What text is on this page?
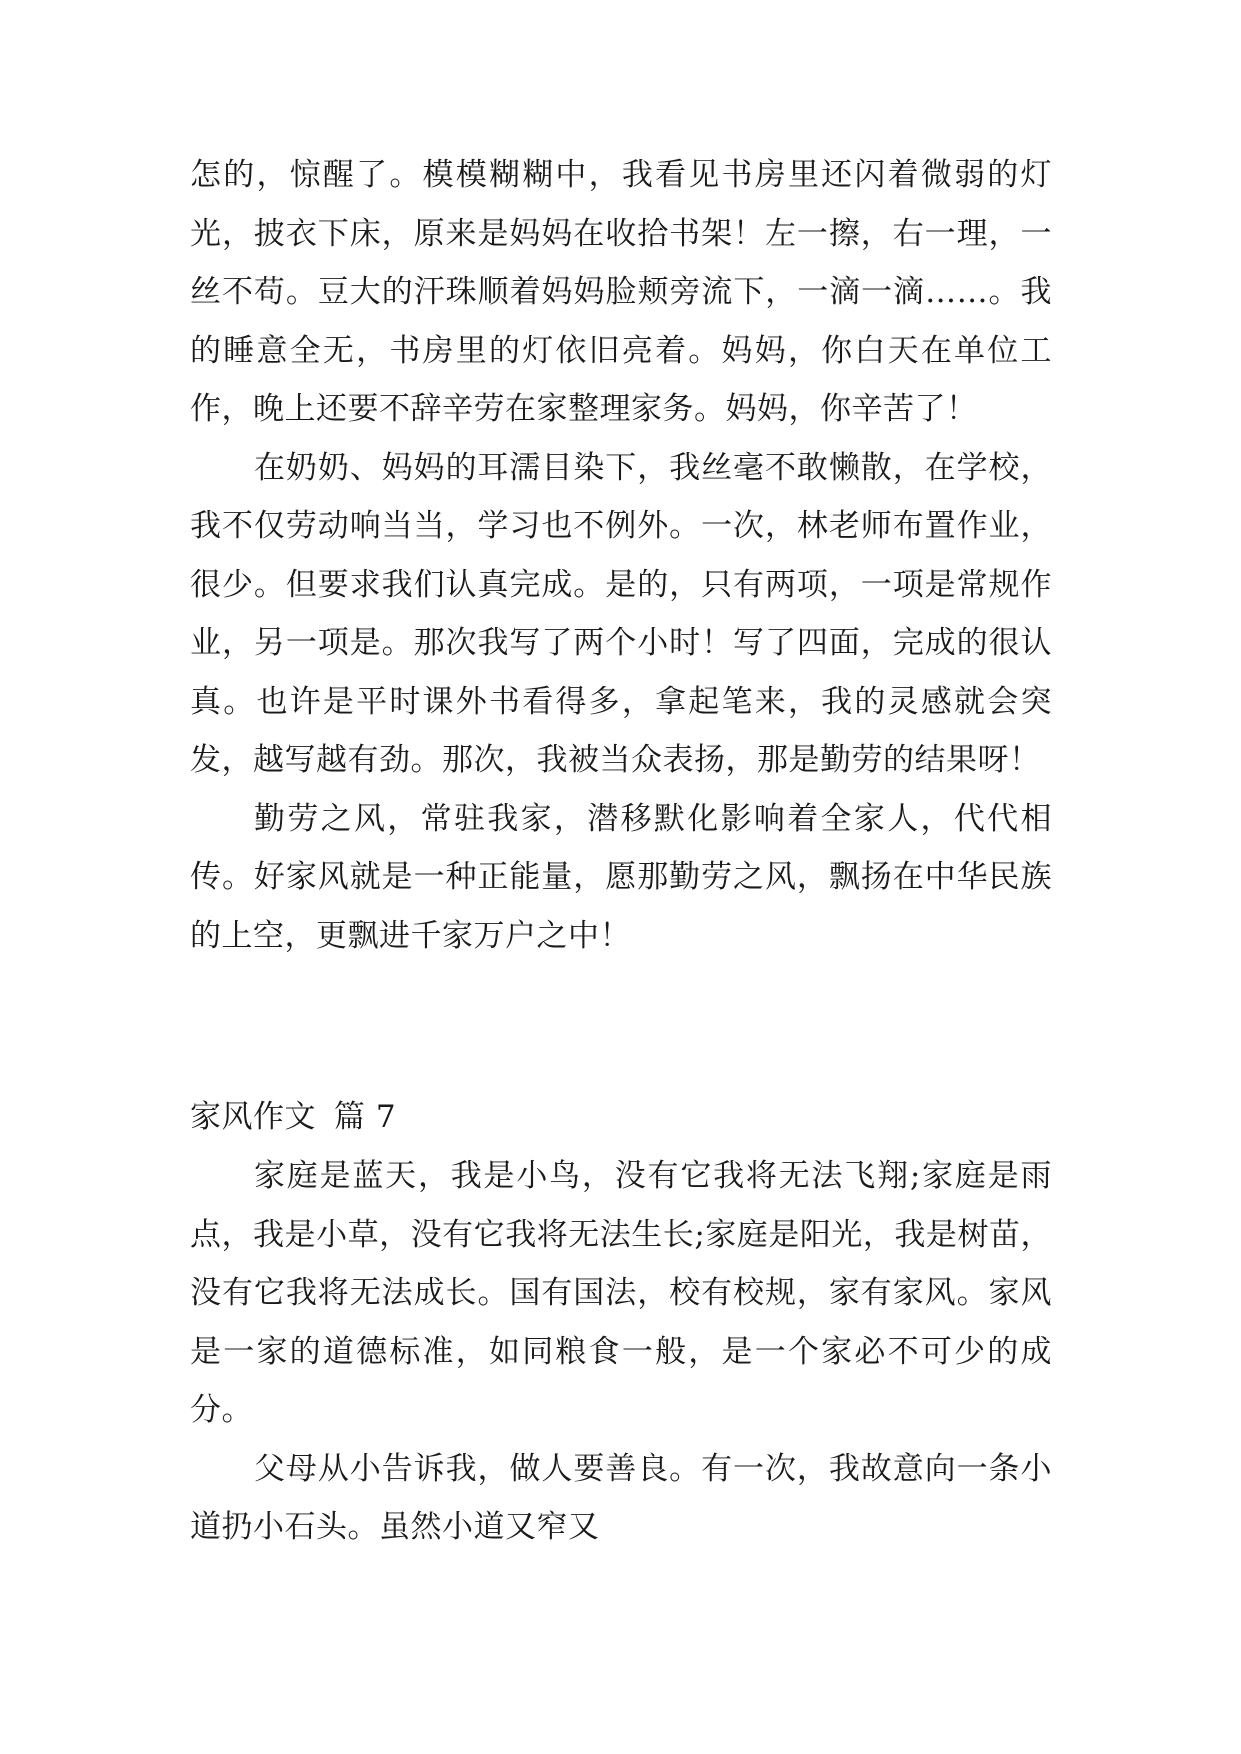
怎的，惊醒了。模模糊糊中，我看见书房里还闪着微弱的灯光，披衣下床，原来是妈妈在收拾书架！左一擦，右一理，一丝不苟。豆大的汗珠顺着妈妈脸颊旁流下，一滴一滴……。我的睡意全无，书房里的灯依旧亮着。妈妈，你白天在单位工作，晚上还要不辞辛劳在家整理家务。妈妈，你辛苦了！

在奶奶、妈妈的耳濡目染下，我丝毫不敢懒散，在学校，我不仅劳动响当当，学习也不例外。一次，林老师布置作业，很少。但要求我们认真完成。是的，只有两项，一项是常规作业，另一项是。那次我写了两个小时！写了四面，完成的很认真。也许是平时课外书看得多，拿起笔来，我的灵感就会突发，越写越有劲。那次，我被当众表扬，那是勤劳的结果呀！

勤劳之风，常驻我家，潜移默化影响着全家人，代代相传。好家风就是一种正能量，愿那勤劳之风，飘扬在中华民族的上空，更飘进千家万户之中！

家风作文 篇 7

家庭是蓝天，我是小鸟，没有它我将无法飞翔;家庭是雨点，我是小草，没有它我将无法生长;家庭是阳光，我是树苗，没有它我将无法成长。国有国法，校有校规，家有家风。家风是一家的道德标准，如同粮食一般，是一个家必不可少的成分。

父母从小告诉我，做人要善良。有一次，我故意向一条小道扔小石头。虽然小道又窄又
